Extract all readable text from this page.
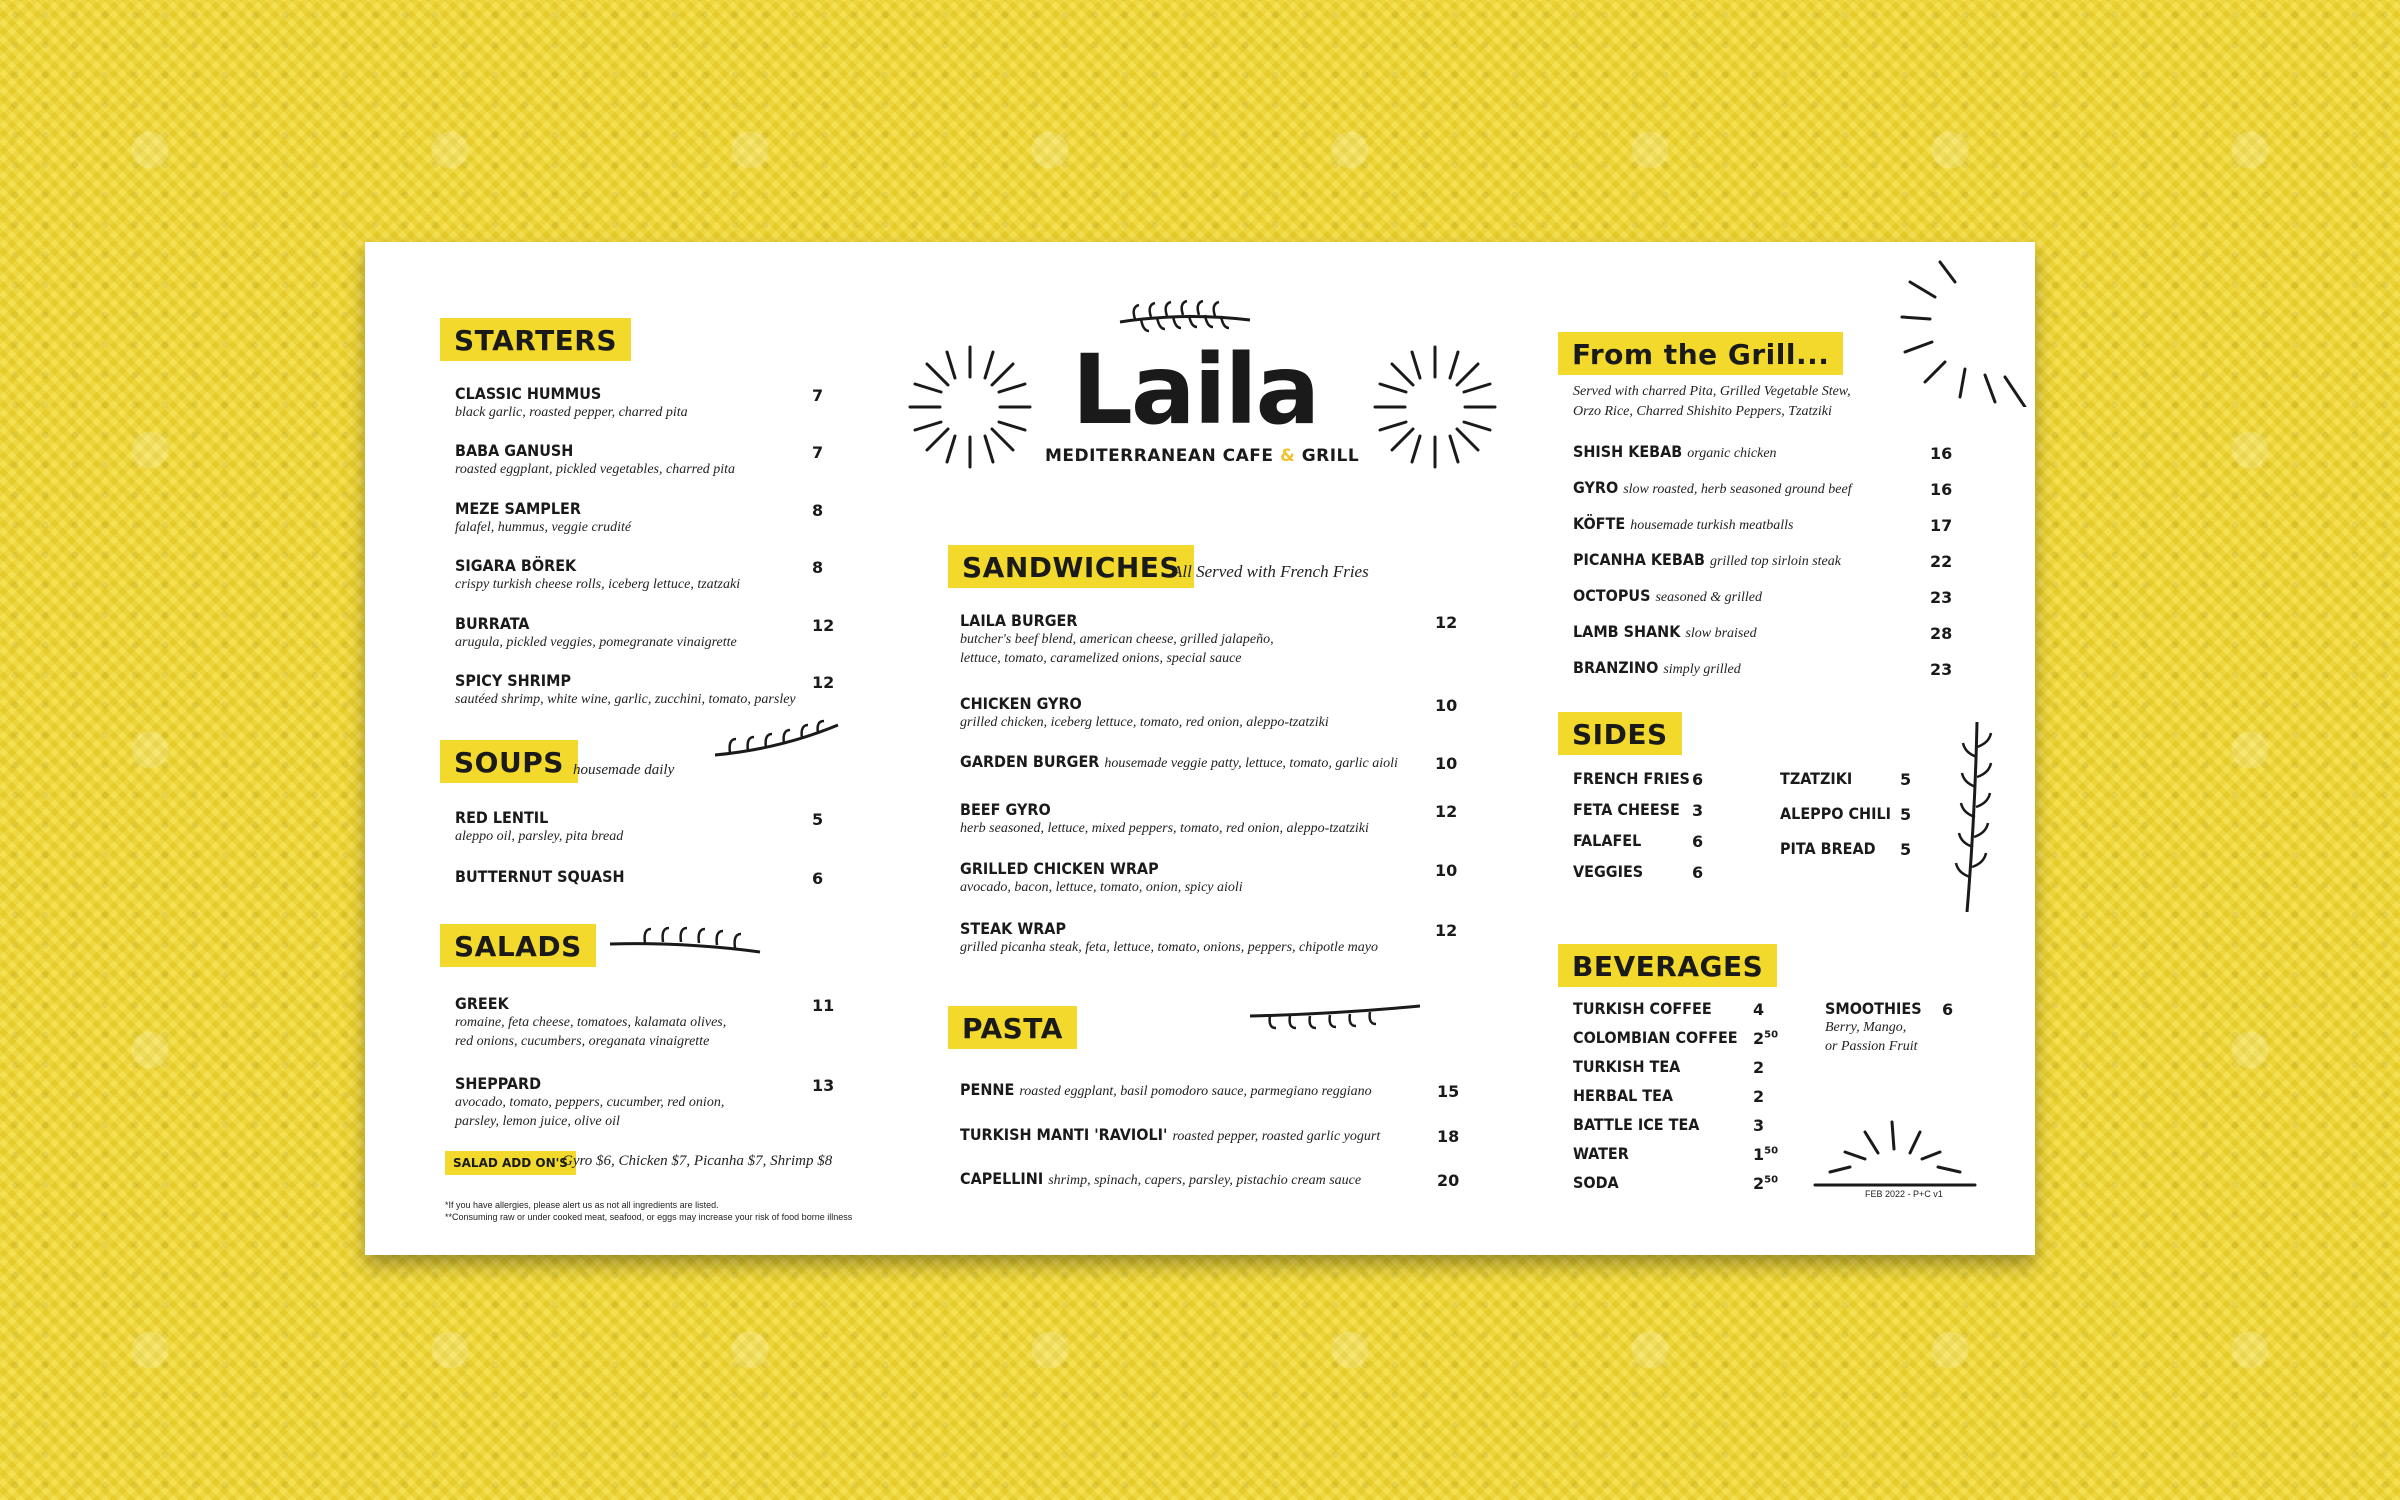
STARTERS
CLASSIC HUMMUS
black garlic, roasted pepper, charred pita
7
BABA GANUSH
roasted eggplant, pickled vegetables, charred pita
7
MEZE SAMPLER
falafel, hummus, veggie crudité
8
SIGARA BÖREK
crispy turkish cheese rolls, iceberg lettuce, tzatzaki
8
BURRATA
arugula, pickled veggies, pomegranate vinaigrette
12
SPICY SHRIMP
sautéed shrimp, white wine, garlic, zucchini, tomato, parsley
12
SOUPS housemade daily
RED LENTIL
aleppo oil, parsley, pita bread
5
BUTTERNUT SQUASH	6
SALADS
GREEK
romaine, feta cheese, tomatoes, kalamata olives,
red onions, cucumbers, oreganata vinaigrette
11
SHEPPARD
avocado, tomato, peppers, cucumber, red onion,
parsley, lemon juice, olive oil
13
SALAD ADD ON'S
Gyro $6, Chicken $7, Picanha $7, Shrimp $8
*If you have allergies, please alert us as not all ingredients are listed.
**Consuming raw or under cooked meat, seafood, or eggs may increase your risk of food borne illness
Laila
MEDITERRANEAN CAFE & GRILL
SANDWICHES
All Served with French Fries
LAILA BURGER
butcher's beef blend, american cheese, grilled jalapeño,
lettuce, tomato, caramelized onions, special sauce
12
CHICKEN GYRO
grilled chicken, iceberg lettuce, tomato, red onion, aleppo-tzatziki
10
GARDEN BURGER housemade veggie patty, lettuce, tomato, garlic aioli 10
BEEF GYRO
herb seasoned, lettuce, mixed peppers, tomato, red onion, aleppo-tzatziki
12
GRILLED CHICKEN WRAP
avocado, bacon, lettuce, tomato, onion, spicy aioli
10
STEAK WRAP
grilled picanha steak, feta, lettuce, tomato, onions, peppers, chipotle mayo
12
PASTA
PENNE roasted eggplant, basil pomodoro sauce, parmegiano reggiano	15
TURKISH MANTI 'RAVIOLI' roasted pepper, roasted garlic yogurt	18
CAPELLINI shrimp, spinach, capers, parsley, pistachio cream sauce	20
From the Grill...
Served with charred Pita, Grilled Vegetable Stew,
Orzo Rice, Charred Shishito Peppers, Tzatziki
SHISH KEBAB organic chicken	16
GYRO slow roasted, herb seasoned ground beef	16
KÖFTE housemade turkish meatballs	17
PICANHA KEBAB grilled top sirloin steak	22
OCTOPUS seasoned & grilled	23
LAMB SHANK slow braised	28
BRANZINO simply grilled	23
SIDES
FRENCH FRIES 6
FETA CHEESE 3
FALAFEL	6
VEGGIES	6
TZATZIKI	5
ALEPPO CHILI 5
PITA BREAD 5
BEVERAGES
TURKISH COFFEE	4
COLOMBIAN COFFEE $2^{50}$
TURKISH TEA	2
HERBAL TEA	2
BATTLE ICE TEA	3
WATER	$1^{50}$
SODA	$2^{50}$
SMOOTHIES
Berry, Mango,
or Passion Fruit
6
FEB 2022 - P+C v1
